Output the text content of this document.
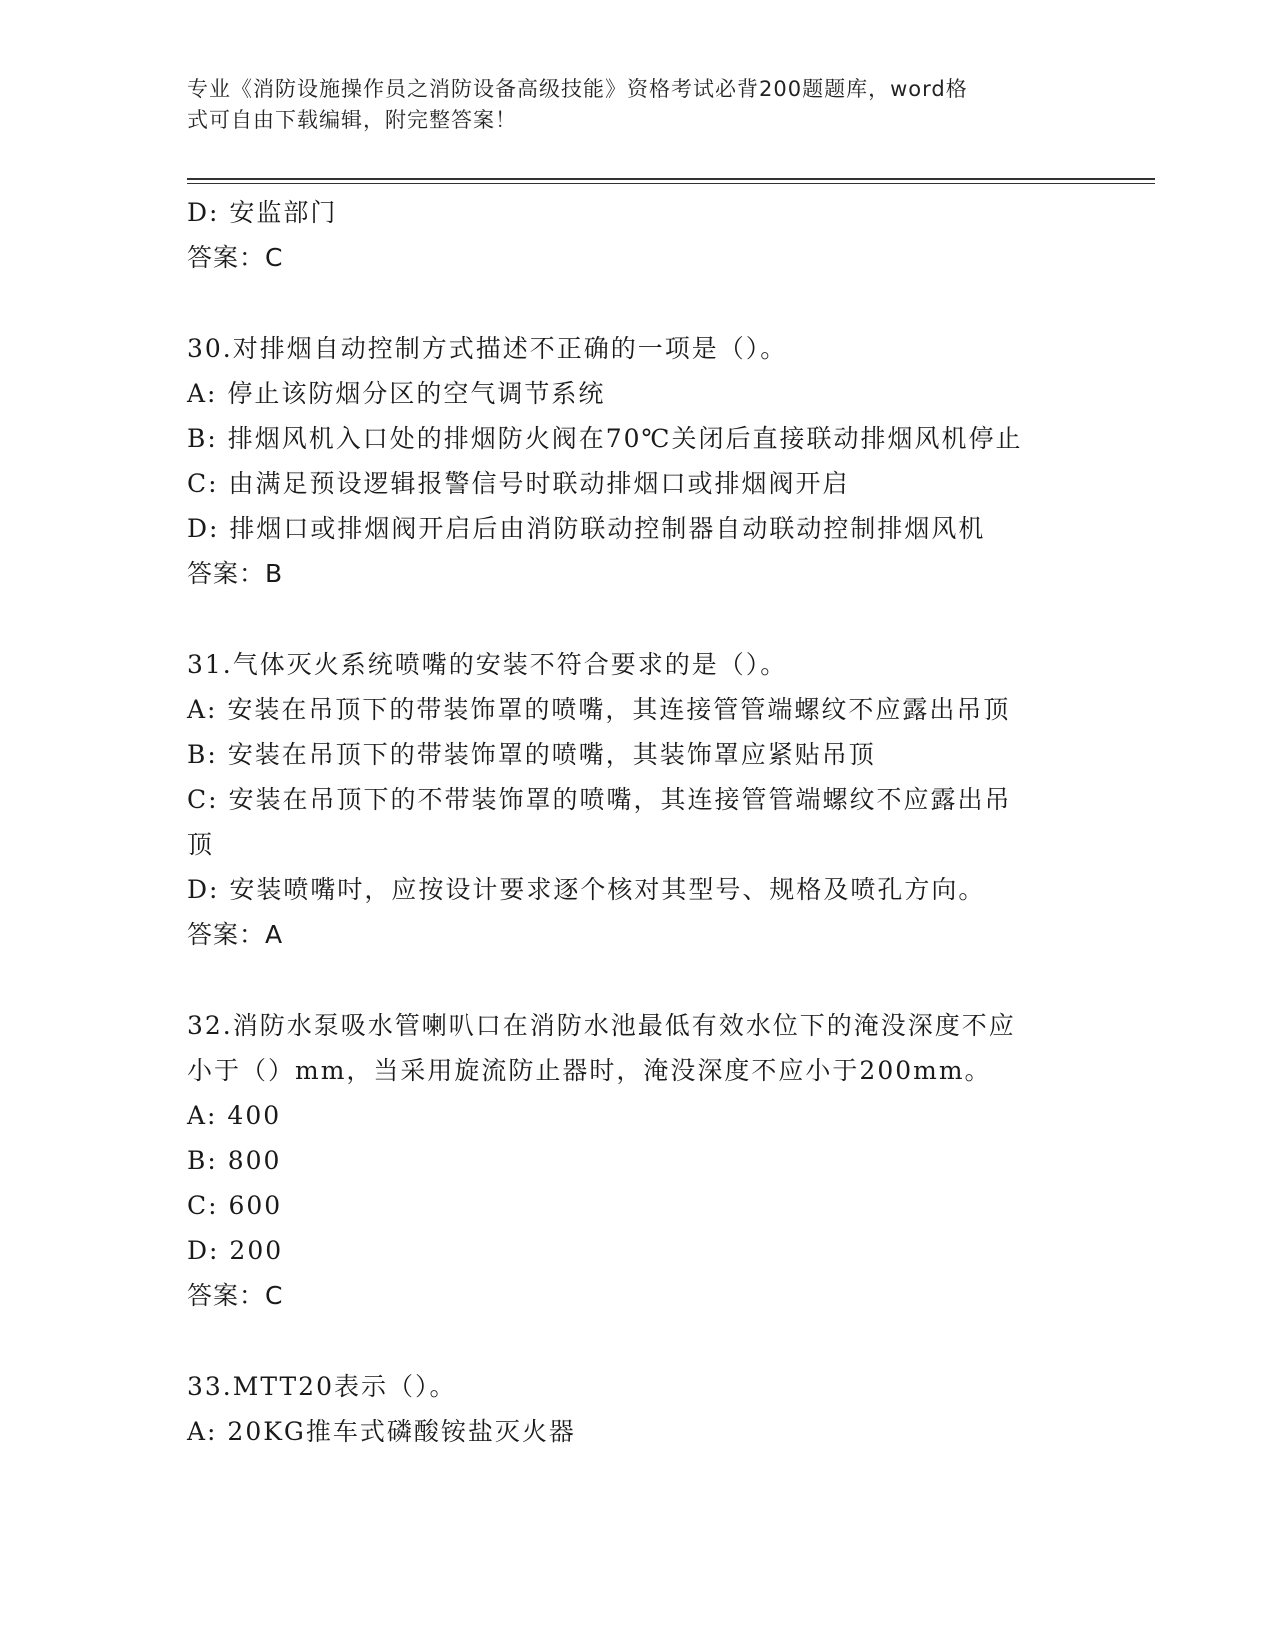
专业《消防设施操作员之消防设备高级技能》资格考试必背200题题库，word格
式可自由下载编辑，附完整答案！
D: 安监部门
答案：C
30.对排烟自动控制方式描述不正确的一项是（）。
A: 停止该防烟分区的空气调节系统
B: 排烟风机入口处的排烟防火阀在70℃关闭后直接联动排烟风机停止
C: 由满足预设逻辑报警信号时联动排烟口或排烟阀开启
D: 排烟口或排烟阀开启后由消防联动控制器自动联动控制排烟风机
答案：B
31.气体灭火系统喷嘴的安装不符合要求的是（）。
A: 安装在吊顶下的带装饰罩的喷嘴，其连接管管端螺纹不应露出吊顶
B: 安装在吊顶下的带装饰罩的喷嘴，其装饰罩应紧贴吊顶
C: 安装在吊顶下的不带装饰罩的喷嘴，其连接管管端螺纹不应露出吊
顶
D: 安装喷嘴吋，应按设计要求逐个核对其型号、规格及喷孔方向。
答案：A
32.消防水泵吸水管喇叭口在消防水池最低有效水位下的淹没深度不应
小于（）mm，当采用旋流防止器时，淹没深度不应小于200mm。
A: 400
B: 800
C: 600
D: 200
答案：C
33.MTT20表示（）。
A: 20KG推车式磷酸铵盐灭火器
